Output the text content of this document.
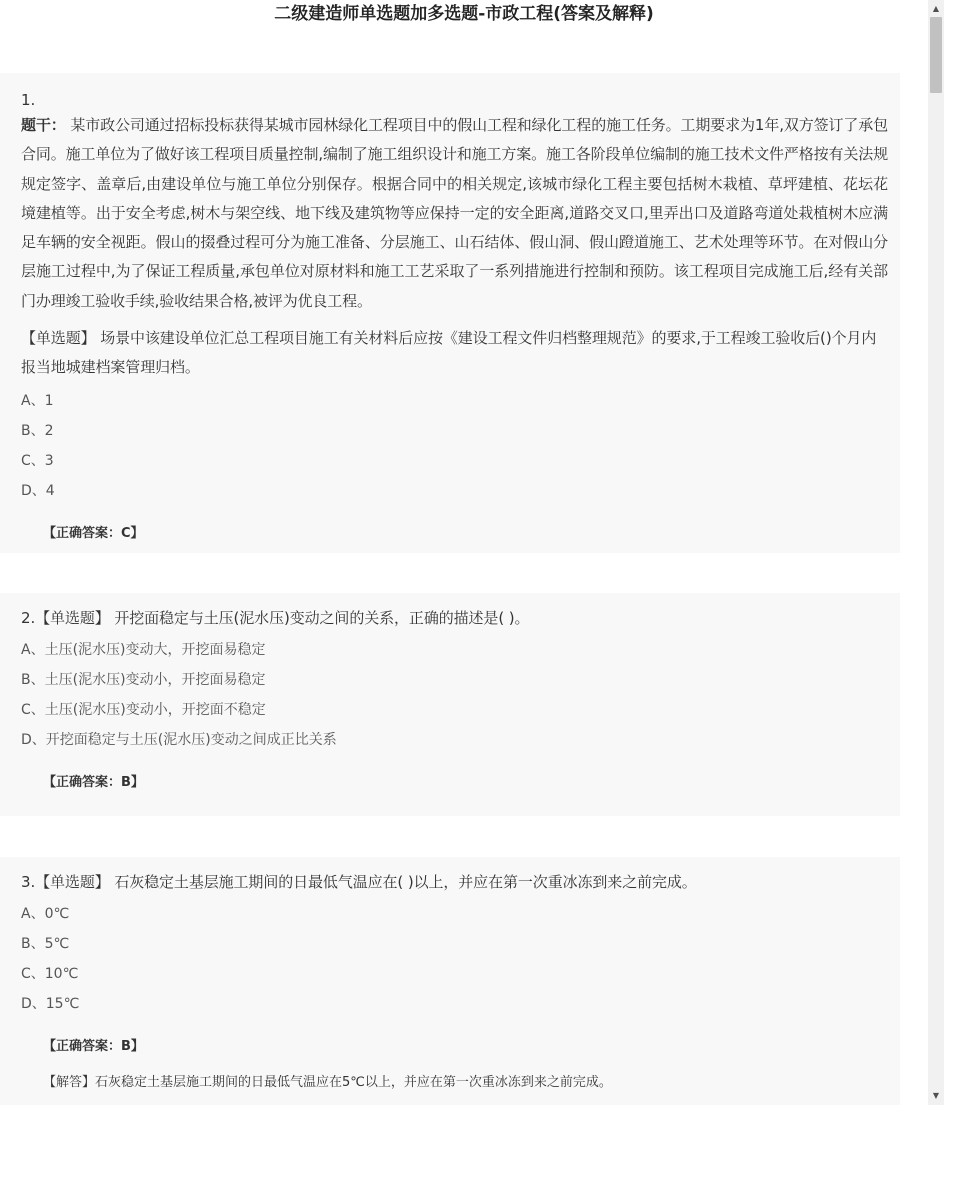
二级建造师单选题加多选题-市政工程(答案及解释)
1.
题干： 某市政公司通过招标投标获得某城市园林绿化工程项目中的假山工程和绿化工程的施工任务。工期要求为1年,双方签订了承包合同。施工单位为了做好该工程项目质量控制,编制了施工组织设计和施工方案。施工各阶段单位编制的施工技术文件严格按有关法规规定签字、盖章后,由建设单位与施工单位分别保存。根据合同中的相关规定,该城市绿化工程主要包括树木栽植、草坪建植、花坛花境建植等。出于安全考虑,树木与架空线、地下线及建筑物等应保持一定的安全距离,道路交叉口,里弄出口及道路弯道处栽植树木应满足车辆的安全视距。假山的掇叠过程可分为施工准备、分层施工、山石结体、假山洞、假山蹬道施工、艺术处理等环节。在对假山分层施工过程中,为了保证工程质量,承包单位对原材料和施工工艺采取了一系列措施进行控制和预防。该工程项目完成施工后,经有关部门办理竣工验收手续,验收结果合格,被评为优良工程。
【单选题】 场景中该建设单位汇总工程项目施工有关材料后应按《建设工程文件归档整理规范》的要求,于工程竣工验收后()个月内报当地城建档案管理归档。
A、1
B、2
C、3
D、4
【正确答案：C】
2.【单选题】 开挖面稳定与土压(泥水压)变动之间的关系，正确的描述是( )。
A、土压(泥水压)变动大，开挖面易稳定
B、土压(泥水压)变动小，开挖面易稳定
C、土压(泥水压)变动小，开挖面不稳定
D、开挖面稳定与土压(泥水压)变动之间成正比关系
【正确答案：B】
3.【单选题】 石灰稳定土基层施工期间的日最低气温应在( )以上，并应在第一次重冰冻到来之前完成。
A、0℃
B、5℃
C、10℃
D、15℃
【正确答案：B】
【解答】石灰稳定土基层施工期间的日最低气温应在5℃以上，并应在第一次重冰冻到来之前完成。
▲
▼
